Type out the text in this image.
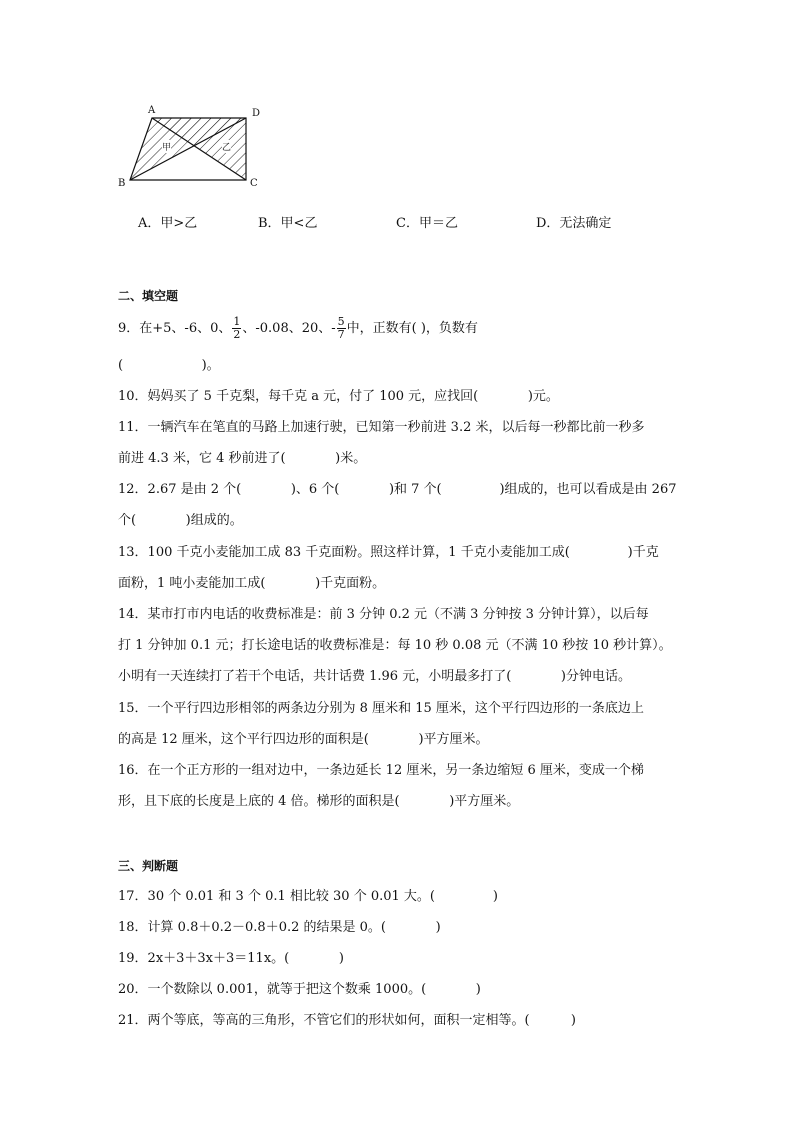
A	D
B	C
甲	乙
A．甲>乙	B．甲<乙	C．甲＝乙	D．无法确定
二、填空题
9．在+5、-6、0、 $\frac{1}{2}$ 、-0.08、20、- $\frac{5}{7}$ 中，正数有( )，负数有
(                   )。
10．妈妈买了 5 千克梨，每千克 a 元，付了 100 元，应找回(            )元。
11．一辆汽车在笔直的马路上加速行驶，已知第一秒前进 3.2 米，以后每一秒都比前一秒多
前进 4.3 米，它 4 秒前进了(            )米。
12．2.67 是由 2 个(            )、6 个(            )和 7 个(              )组成的，也可以看成是由 267
个(            )组成的。
13．100 千克小麦能加工成 83 千克面粉。照这样计算，1 千克小麦能加工成(              )千克
面粉，1 吨小麦能加工成(            )千克面粉。
14．某市打市内电话的收费标准是：前 3 分钟 0.2 元（不满 3 分钟按 3 分钟计算），以后每
打 1 分钟加 0.1 元；打长途电话的收费标准是：每 10 秒 0.08 元（不满 10 秒按 10 秒计算）。
小明有一天连续打了若干个电话，共计话费 1.96 元，小明最多打了(            )分钟电话。
15．一个平行四边形相邻的两条边分别为 8 厘米和 15 厘米，这个平行四边形的一条底边上
的高是 12 厘米，这个平行四边形的面积是(            )平方厘米。
16．在一个正方形的一组对边中，一条边延长 12 厘米，另一条边缩短 6 厘米，变成一个梯
形，且下底的长度是上底的 4 倍。梯形的面积是(            )平方厘米。
三、判断题
17．30 个 0.01 和 3 个 0.1 相比较 30 个 0.01 大。(              )
18．计算 0.8＋0.2－0.8＋0.2 的结果是 0。(            )
19．2x＋3＋3x＋3＝11x。(            )
20．一个数除以 0.001，就等于把这个数乘 1000。(            )
21．两个等底，等高的三角形，不管它们的形状如何，面积一定相等。(          )
